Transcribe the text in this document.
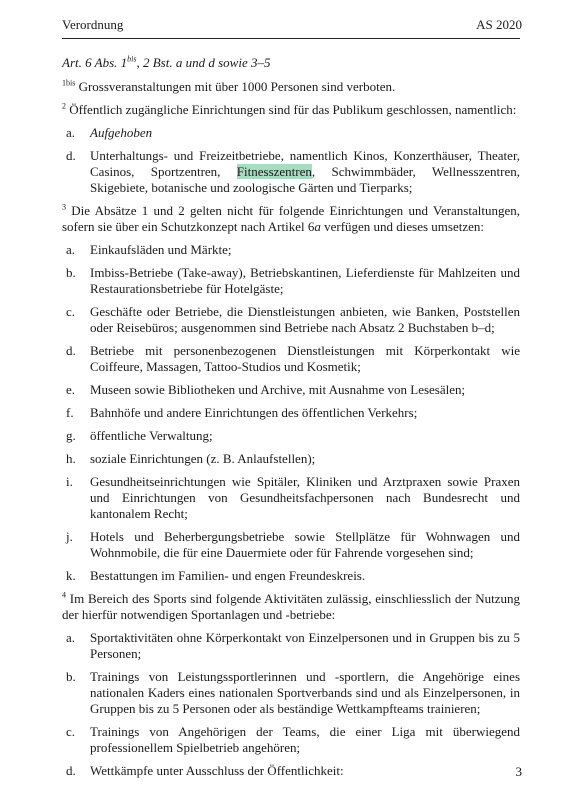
Verordnung	AS 2020

Art. 6 Abs. $1^{bis}$, 2 Bst. a und d sowie 3–5

$^{1bis}$ Grossveranstaltungen mit über 1000 Personen sind verboten.

$^2$ Öffentlich zugängliche Einrichtungen sind für das Publikum geschlossen, namentlich:

a.	Aufgehoben
d.	Unterhaltungs- und Freizeitbetriebe, namentlich Kinos, Konzerthäuser, Theater, Casinos, Sportzentren, Fitnesszentren, Schwimmbäder, Wellnesszentren, Skigebiete, botanische und zoologische Gärten und Tierparks;

$^3$ Die Absätze 1 und 2 gelten nicht für folgende Einrichtungen und Veranstaltungen, sofern sie über ein Schutzkonzept nach Artikel 6a verfügen und dieses umsetzen:

a.	Einkaufsläden und Märkte;
b.	Imbiss-Betriebe (Take-away), Betriebskantinen, Lieferdienste für Mahlzeiten und Restaurationsbetriebe für Hotelgäste;
c.	Geschäfte oder Betriebe, die Dienstleistungen anbieten, wie Banken, Poststellen oder Reisebüros; ausgenommen sind Betriebe nach Absatz 2 Buchstaben b–d;
d.	Betriebe mit personenbezogenen Dienstleistungen mit Körperkontakt wie Coiffeure, Massagen, Tattoo-Studios und Kosmetik;
e.	Museen sowie Bibliotheken und Archive, mit Ausnahme von Lesesälen;
f.	Bahnhöfe und andere Einrichtungen des öffentlichen Verkehrs;
g.	öffentliche Verwaltung;
h.	soziale Einrichtungen (z. B. Anlaufstellen);
i.	Gesundheitseinrichtungen wie Spitäler, Kliniken und Arztpraxen sowie Praxen und Einrichtungen von Gesundheitsfachpersonen nach Bundesrecht und kantonalem Recht;
j.	Hotels und Beherbergungsbetriebe sowie Stellplätze für Wohnwagen und Wohnmobile, die für eine Dauermiete oder für Fahrende vorgesehen sind;
k.	Bestattungen im Familien- und engen Freundeskreis.

$^4$ Im Bereich des Sports sind folgende Aktivitäten zulässig, einschliesslich der Nutzung der hierfür notwendigen Sportanlagen und -betriebe:

a.	Sportaktivitäten ohne Körperkontakt von Einzelpersonen und in Gruppen bis zu 5 Personen;
b.	Trainings von Leistungssportlerinnen und -sportlern, die Angehörige eines nationalen Kaders eines nationalen Sportverbands sind und als Einzelpersonen, in Gruppen bis zu 5 Personen oder als beständige Wettkampfteams trainieren;
c.	Trainings von Angehörigen der Teams, die einer Liga mit überwiegend professionellem Spielbetrieb angehören;
d.	Wettkämpfe unter Ausschluss der Öffentlichkeit:	3
